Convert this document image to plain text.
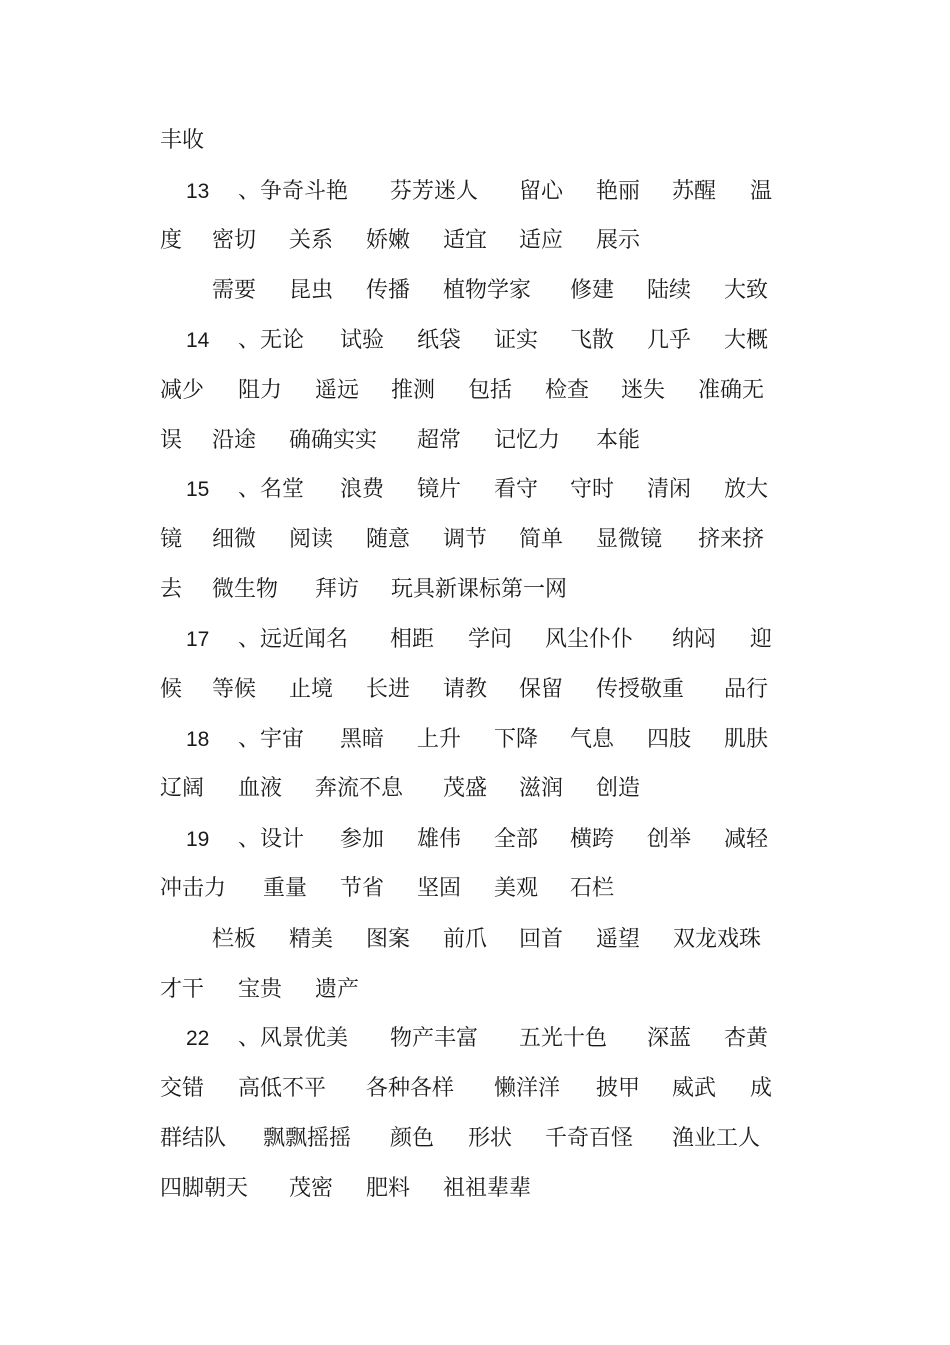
丰收
13 、争奇斗艳 芬芳迷人 留心 艳丽 苏醒 温
度 密切 关系 娇嫩 适宜 适应 展示
需要 昆虫 传播 植物学家 修建 陆续 大致
14 、无论 试验 纸袋 证实 飞散 几乎 大概
减少 阻力 遥远 推测 包括 检查 迷失 准确无
误 沿途 确确实实 超常 记忆力 本能
15 、名堂 浪费 镜片 看守 守时 清闲 放大
镜 细微 阅读 随意 调节 简单 显微镜 挤来挤
去 微生物 拜访 玩具新课标第一网
17 、远近闻名 相距 学问 风尘仆仆 纳闷 迎
候 等候 止境 长进 请教 保留 传授敬重 品行
18 、宇宙 黑暗 上升 下降 气息 四肢 肌肤
辽阔 血液 奔流不息 茂盛 滋润 创造
19 、设计 参加 雄伟 全部 横跨 创举 减轻
冲击力 重量 节省 坚固 美观 石栏
栏板 精美 图案 前爪 回首 遥望 双龙戏珠
才干 宝贵 遗产
22 、风景优美 物产丰富 五光十色 深蓝 杏黄
交错 高低不平 各种各样 懒洋洋 披甲 威武 成
群结队 飘飘摇摇 颜色 形状 千奇百怪 渔业工人
四脚朝天 茂密 肥料 祖祖辈辈
